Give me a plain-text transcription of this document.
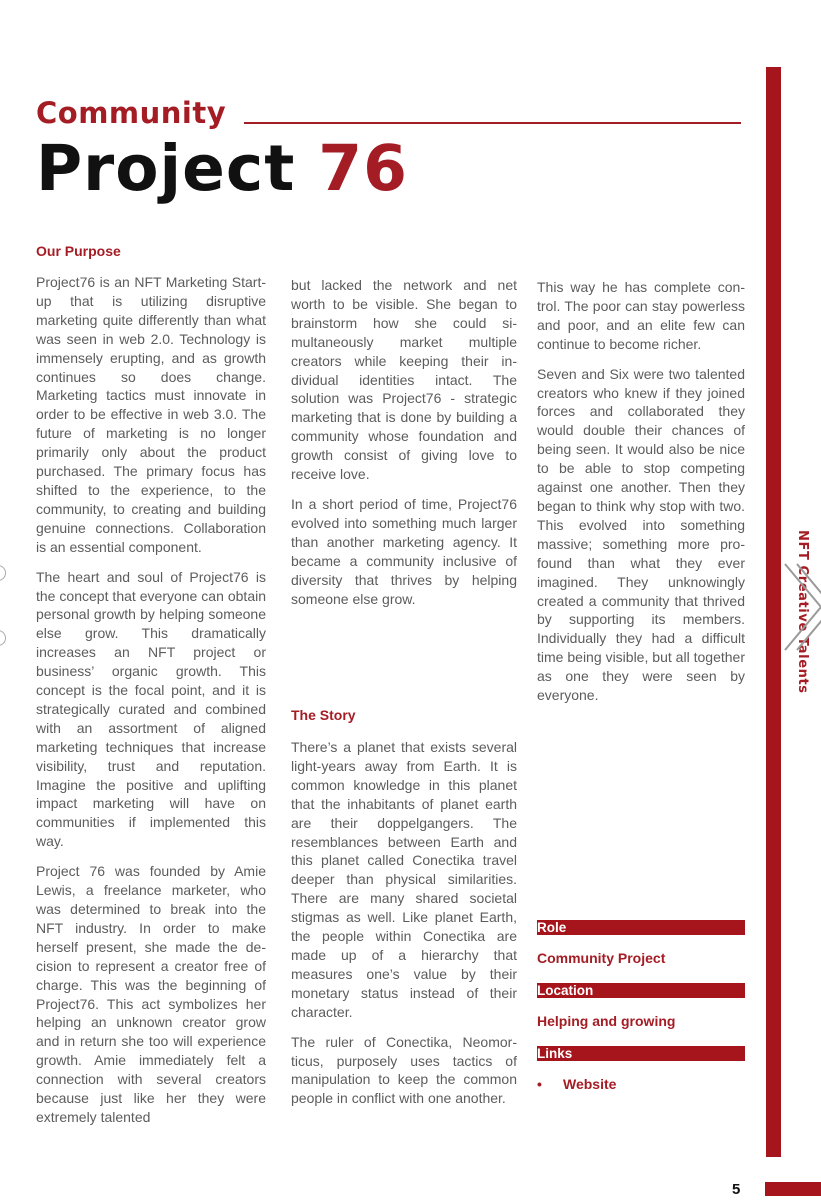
Community
Project 76
NFT Creative Talents
Our Purpose

Project76 is an NFT Marketing Start-up that is utilizing disruptive marketing quite differently than what was seen in web 2.0. Technology is immensely erupting, and as growth continues so does change. Marketing tactics must innovate in order to be effective in web 3.0. The future of marketing is no longer primarily only about the product purchased. The primary focus has shifted to the experience, to the community, to creating and building genuine connections. Collaboration is an essential component.

The heart and soul of Project76 is the concept that everyone can obtain personal growth by helping someone else grow. This dramatically increases an NFT project or business’ organic growth. This concept is the focal point, and it is strategically curated and combined with an assortment of aligned marketing techniques that increase visibility, trust and reputation. Imagine the positive and uplifting impact marketing will have on communities if implemented this way.

Project 76 was founded by Amie Lewis, a freelance marketer, who was determined to break into the NFT industry. In order to make herself present, she made the decision to represent a creator free of charge. This was the beginning of Project76. This act symbolizes her helping an unknown creator grow and in return she too will experience growth. Amie immediately felt a connection with several creators because just like her they were extremely talented

but lacked the network and net worth to be visible. She began to brainstorm how she could simultaneously market multiple creators while keeping their individual identities intact. The solution was Project76 - strategic marketing that is done by building a community whose foundation and growth consist of giving love to receive love.

In a short period of time, Project76 evolved into something much larger than another marketing agency. It became a community inclusive of diversity that thrives by helping someone else grow.

The Story

There’s a planet that exists several light-years away from Earth. It is common knowledge in this planet that the inhabitants of planet earth are their doppelgangers. The resemblances between Earth and this planet called Conectika travel deeper than physical similarities. There are many shared societal stigmas as well. Like planet Earth, the people within Conectika are made up of a hierarchy that measures one’s value by their monetary status instead of their character.

The ruler of Conectika, Neomorticus, purposely uses tactics of manipulation to keep the common people in conflict with one another.

This way he has complete control. The poor can stay powerless and poor, and an elite few can continue to become richer.

Seven and Six were two talented creators who knew if they joined forces and collaborated they would double their chances of being seen. It would also be nice to be able to stop competing against one another. Then they began to think why stop with two. This evolved into something massive; something more profound than what they ever imagined. They unknowingly created a community that thrived by supporting its members. Individually they had a difficult time being visible, but all together as one they were seen by everyone.

Role
Community Project
Location
Helping and growing
Links
• Website
5
